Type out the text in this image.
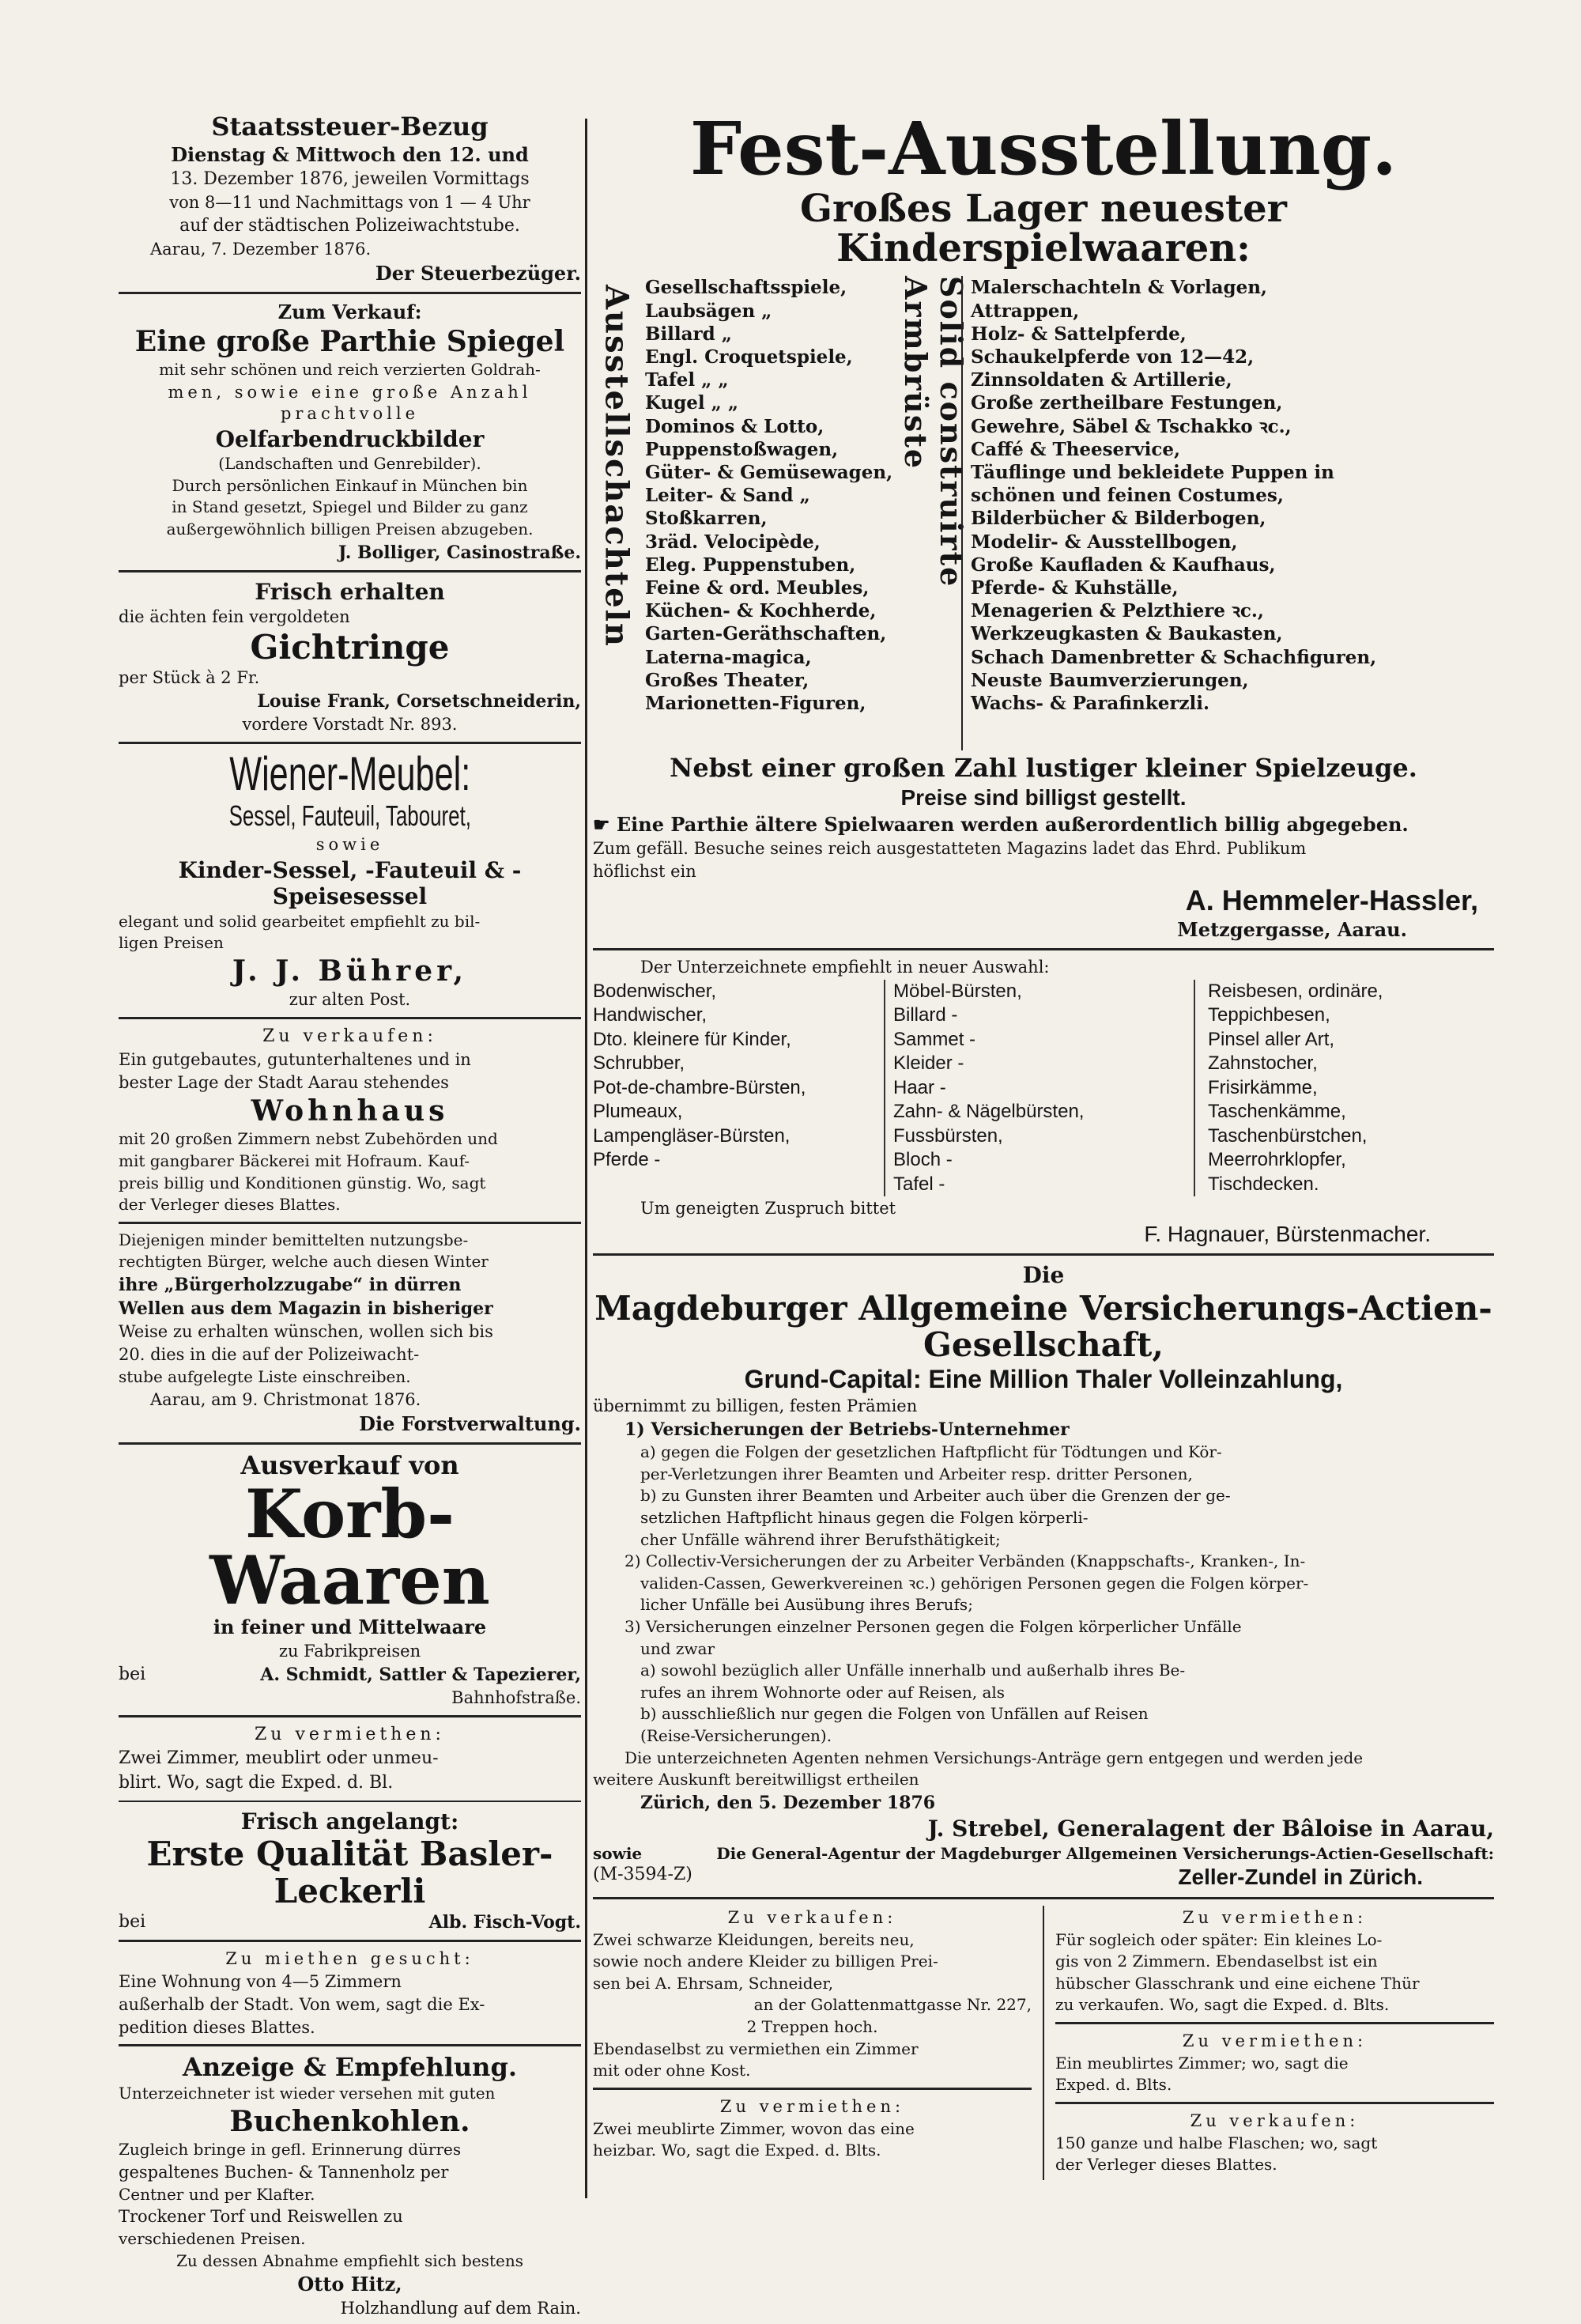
Staatssteuer-Bezug

Dienstag & Mittwoch den 12. und

13. Dezember 1876, jeweilen Vormittags

von 8—11 und Nachmittags von 1 — 4 Uhr

auf der städtischen Polizeiwachtstube.

Aarau, 7. Dezember 1876.

Der Steuerbezüger.

Zum Verkauf:

Eine große Parthie Spiegel

mit sehr schönen und reich verzierten Goldrah-

men, sowie eine große Anzahl prachtvolle

Oelfarbendruckbilder

(Landschaften und Genrebilder).

Durch persönlichen Einkauf in München bin

in Stand gesetzt, Spiegel und Bilder zu ganz

außergewöhnlich billigen Preisen abzugeben.

J. Bolliger, Casinostraße.

Frisch erhalten

die ächten fein vergoldeten

Gichtringe

per Stück à 2 Fr.

Louise Frank, Corsetschneiderin,

vordere Vorstadt Nr. 893.

Wiener-Meubel:

Sessel, Fauteuil, Tabouret,

sowie

Kinder-Sessel, -Fauteuil & -Speisesessel

elegant und solid gearbeitet empfiehlt zu bil-

ligen Preisen

J. J. Bührer,

zur alten Post.

Zu verkaufen:

Ein gutgebautes, gutunterhaltenes und in

bester Lage der Stadt Aarau stehendes

Wohnhaus

mit 20 großen Zimmern nebst Zubehörden und

mit gangbarer Bäckerei mit Hofraum. Kauf-

preis billig und Konditionen günstig. Wo, sagt

der Verleger dieses Blattes.

Diejenigen minder bemittelten nutzungsbe-

rechtigten Bürger, welche auch diesen Winter

ihre „Bürgerholzzugabe“ in dürren

Wellen aus dem Magazin in bisheriger

Weise zu erhalten wünschen, wollen sich bis

20. dies in die auf der Polizeiwacht-

stube aufgelegte Liste einschreiben.

Aarau, am 9. Christmonat 1876.

Die Forstverwaltung.

Ausverkauf von

Korb-Waaren

in feiner und Mittelwaare

zu Fabrikpreisen

bei	A. Schmidt, Sattler & Tapezierer,

Bahnhofstraße.

Zu vermiethen:

Zwei Zimmer, meublirt oder unmeu-

blirt. Wo, sagt die Exped. d. Bl.

Frisch angelangt:

Erste Qualität Basler-Leckerli

bei	Alb. Fisch-Vogt.

Zu miethen gesucht:

Eine Wohnung von 4—5 Zimmern

außerhalb der Stadt. Von wem, sagt die Ex-

pedition dieses Blattes.

Anzeige & Empfehlung.

Unterzeichneter ist wieder versehen mit guten

Buchenkohlen.

Zugleich bringe in gefl. Erinnerung dürres

gespaltenes Buchen- & Tannenholz per

Centner und per Klafter.

Trockener Torf und Reiswellen zu

verschiedenen Preisen.

Zu dessen Abnahme empfiehlt sich bestens

Otto Hitz,

Holzhandlung auf dem Rain.

Fest-Ausstellung.

Großes Lager neuester Kinderspielwaaren:

Ausstellschachteln Gesellschaftsspiele,
Laubsägen „
Billard „
Engl. Croquetspiele,
Tafel „ „
Kugel „ „
Dominos & Lotto,
Puppenstoßwagen,
Güter- & Gemüsewagen,
Leiter- & Sand „
Stoßkarren,
3räd. Velocipède,
Eleg. Puppenstuben,
Feine & ord. Meubles,
Küchen- & Kochherde,
Garten-Geräthschaften,
Laterna-magica,
Großes Theater,
Marionetten-Figuren,
Solid construirte Armbrüste	Malerschachteln & Vorlagen,
Attrappen,
Holz- & Sattelpferde,
Schaukelpferde von 12—42,
Zinnsoldaten & Artillerie,
Große zertheilbare Festungen,
Gewehre, Säbel & Tschakko ꝛc.,
Caffé & Theeservice,
Täuflinge und bekleidete Puppen in
schönen und feinen Costumes,
Bilderbücher & Bilderbogen,
Modelir- & Ausstellbogen,
Große Kaufladen & Kaufhaus,
Pferde- & Kuhställe,
Menagerien & Pelzthiere ꝛc.,
Werkzeugkasten & Baukasten,
Schach Damenbretter & Schachfiguren,
Neuste Baumverzierungen,
Wachs- & Parafinkerzli.

Nebst einer großen Zahl lustiger kleiner Spielzeuge.

Preise sind billigst gestellt.

☛ Eine Parthie ältere Spielwaaren werden außerordentlich billig abgegeben.

Zum gefäll. Besuche seines reich ausgestatteten Magazins ladet das Ehrd. Publikum

höflichst ein

A. Hemmeler-Hassler,

Metzgergasse, Aarau.

Der Unterzeichnete empfiehlt in neuer Auswahl:

Bodenwischer,
Handwischer,
Dto. kleinere für Kinder,
Schrubber,
Pot-de-chambre-Bürsten,
Plumeaux,
Lampengläser-Bürsten,
Pferde -
Möbel-Bürsten,
Billard -
Sammet -
Kleider -
Haar -
Zahn- & Nägelbürsten,
Fussbürsten,
Bloch -
Tafel -
Reisbesen, ordinäre,
Teppichbesen,
Pinsel aller Art,
Zahnstocher,
Frisirkämme,
Taschenkämme,
Taschenbürstchen,
Meerrohrklopfer,
Tischdecken.

Um geneigten Zuspruch bittet

F. Hagnauer, Bürstenmacher.

Die

Magdeburger Allgemeine Versicherungs-Actien-Gesellschaft,

Grund-Capital: Eine Million Thaler Volleinzahlung,

übernimmt zu billigen, festen Prämien

1) Versicherungen der Betriebs-Unternehmer

a) gegen die Folgen der gesetzlichen Haftpflicht für Tödtungen und Kör-

per-Verletzungen ihrer Beamten und Arbeiter resp. dritter Personen,

b) zu Gunsten ihrer Beamten und Arbeiter auch über die Grenzen der ge-

setzlichen Haftpflicht hinaus gegen die Folgen körperli-

cher Unfälle während ihrer Berufsthätigkeit;

2) Collectiv-Versicherungen der zu Arbeiter Verbänden (Knappschafts-, Kranken-, In-

validen-Cassen, Gewerkvereinen ꝛc.) gehörigen Personen gegen die Folgen körper-

licher Unfälle bei Ausübung ihres Berufs;

3) Versicherungen einzelner Personen gegen die Folgen körperlicher Unfälle

und zwar

a) sowohl bezüglich aller Unfälle innerhalb und außerhalb ihres Be-

rufes an ihrem Wohnorte oder auf Reisen, als

b) ausschließlich nur gegen die Folgen von Unfällen auf Reisen

(Reise-Versicherungen).

Die unterzeichneten Agenten nehmen Versichungs-Anträge gern entgegen und werden jede

weitere Auskunft bereitwilligst ertheilen

Zürich, den 5. Dezember 1876

J. Strebel, Generalagent der Bâloise in Aarau,

sowie	Die General-Agentur der Magdeburger Allgemeinen Versicherungs-Actien-Gesellschaft:
(M-3594-Z)	Zeller-Zundel in Zürich.

Zu verkaufen:

Zwei schwarze Kleidungen, bereits neu,

sowie noch andere Kleider zu billigen Prei-

sen bei A. Ehrsam, Schneider,

an der Golattenmattgasse Nr. 227,

2 Treppen hoch.

Ebendaselbst zu vermiethen ein Zimmer

mit oder ohne Kost.

Zu vermiethen:

Zwei meublirte Zimmer, wovon das eine

heizbar. Wo, sagt die Exped. d. Blts.

Zu vermiethen:

Für sogleich oder später: Ein kleines Lo-

gis von 2 Zimmern. Ebendaselbst ist ein

hübscher Glasschrank und eine eichene Thür

zu verkaufen. Wo, sagt die Exped. d. Blts.

Zu vermiethen:

Ein meublirtes Zimmer; wo, sagt die

Exped. d. Blts.

Zu verkaufen:

150 ganze und halbe Flaschen; wo, sagt

der Verleger dieses Blattes.
